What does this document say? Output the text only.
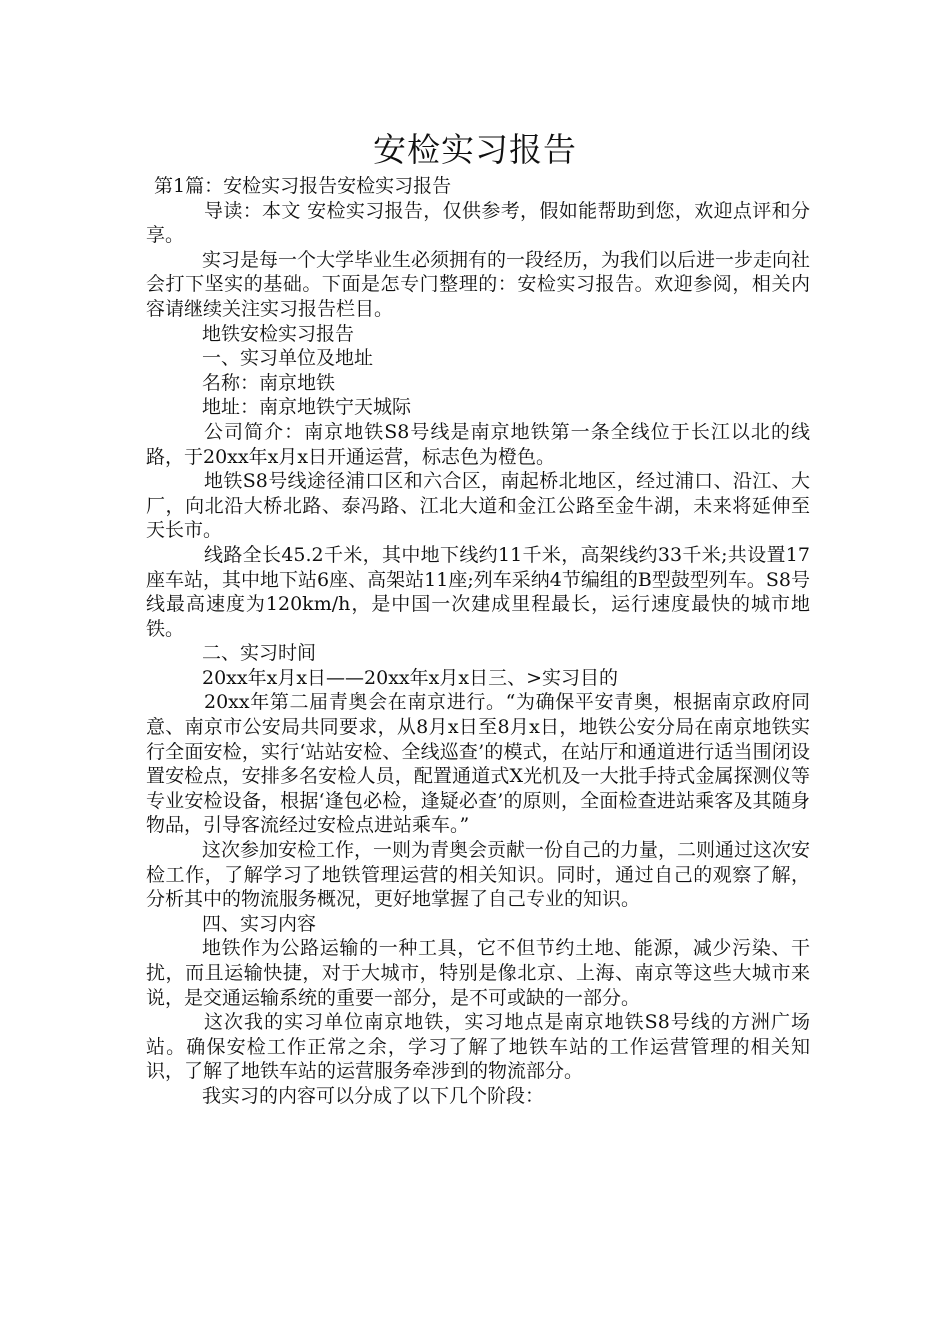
安检实习报告

第1篇：安检实习报告安检实习报告

导读：本文 安检实习报告，仅供参考，假如能帮助到您，欢迎点评和分享。

实习是每一个大学毕业生必须拥有的一段经历，为我们以后进一步走向社会打下坚实的基础。下面是怎专门整理的：安检实习报告。欢迎参阅，相关内容请继续关注实习报告栏目。

地铁安检实习报告

一、实习单位及地址

名称：南京地铁

地址：南京地铁宁天城际

公司简介：南京地铁S8号线是南京地铁第一条全线位于长江以北的线路，于20xx年x月x日开通运营，标志色为橙色。

地铁S8号线途径浦口区和六合区，南起桥北地区，经过浦口、沿江、大厂，向北沿大桥北路、泰冯路、江北大道和金江公路至金牛湖，未来将延伸至天长市。

线路全长45.2千米，其中地下线约11千米，高架线约33千米;共设置17座车站，其中地下站6座、高架站11座;列车采纳4节编组的B型鼓型列车。S8号线最高速度为120km/h，是中国一次建成里程最长，运行速度最快的城市地铁。

二、实习时间

20xx年x月x日——20xx年x月x日三、>实习目的

20xx年第二届青奥会在南京进行。“为确保平安青奥，根据南京政府同意、南京市公安局共同要求，从8月x日至8月x日，地铁公安分局在南京地铁实行全面安检，实行‘站站安检、全线巡查’的模式，在站厅和通道进行适当围闭设置安检点，安排多名安检人员，配置通道式X光机及一大批手持式金属探测仪等专业安检设备，根据‘逢包必检，逢疑必查’的原则，全面检查进站乘客及其随身物品，引导客流经过安检点进站乘车。”

这次参加安检工作，一则为青奥会贡献一份自己的力量，二则通过这次安检工作，了解学习了地铁管理运营的相关知识。同时，通过自己的观察了解，分析其中的物流服务概况，更好地掌握了自己专业的知识。

四、实习内容

地铁作为公路运输的一种工具，它不但节约土地、能源，减少污染、干扰，而且运输快捷，对于大城市，特别是像北京、上海、南京等这些大城市来说，是交通运输系统的重要一部分，是不可或缺的一部分。

这次我的实习单位南京地铁，实习地点是南京地铁S8号线的方洲广场站。确保安检工作正常之余，学习了解了地铁车站的工作运营管理的相关知识，了解了地铁车站的运营服务牵涉到的物流部分。

我实习的内容可以分成了以下几个阶段：
